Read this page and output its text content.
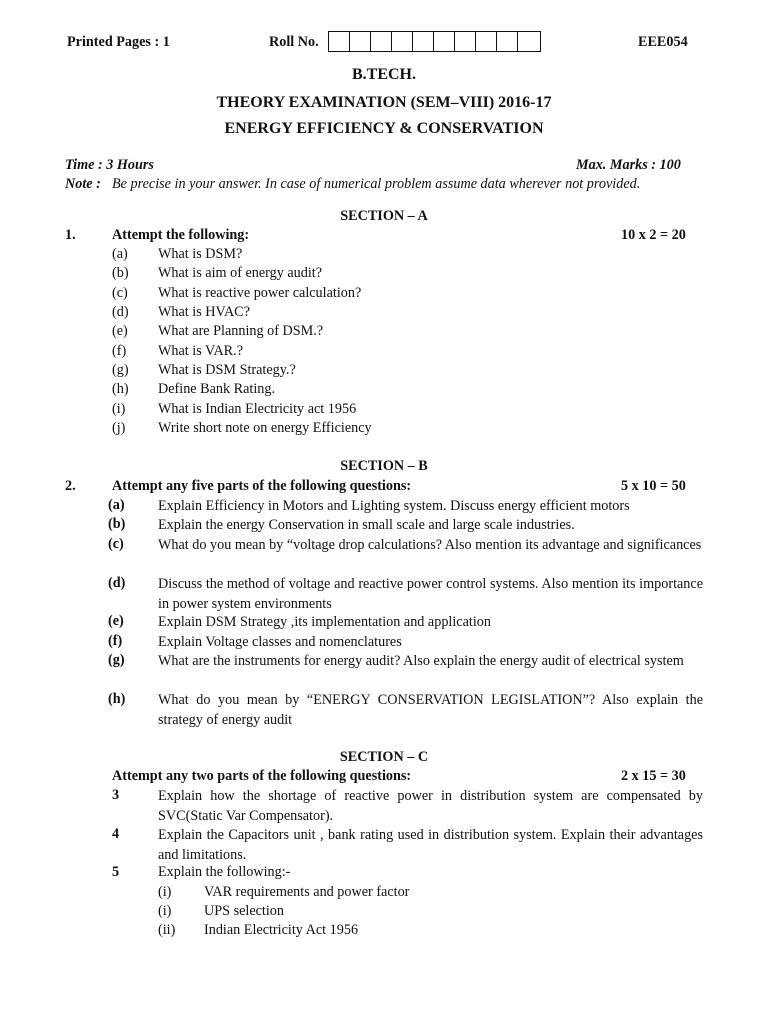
Printed Pages : 1	Roll No.	EEE054
B.TECH.
THEORY EXAMINATION (SEM–VIII) 2016-17
ENERGY EFFICIENCY & CONSERVATION
Time : 3 Hours	Max. Marks : 100
Note : Be precise in your answer. In case of numerical problem assume data wherever not provided.
SECTION – A
1.	Attempt the following:	10 x 2 = 20
(a) What is DSM?
(b) What is aim of energy audit?
(c) What is reactive power calculation?
(d) What is HVAC?
(e) What are Planning of DSM.?
(f) What is VAR.?
(g) What is DSM Strategy.?
(h) Define Bank Rating.
(i) What is Indian Electricity act 1956
(j) Write short note on energy Efficiency
SECTION – B
2.	Attempt any five parts of the following questions:	5 x 10 = 50
(a) Explain Efficiency in Motors and Lighting system. Discuss energy efficient motors
(b) Explain the energy Conservation in small scale and large scale industries.
(c) What do you mean by “voltage drop calculations? Also mention its advantage and significances
(d) Discuss the method of voltage and reactive power control systems. Also mention its importance in power system environments
(e) Explain DSM Strategy ,its implementation and application
(f)	Explain Voltage classes and nomenclatures
(g) What are the instruments for energy audit? Also explain the energy audit of electrical system
(h) What do you mean by “ENERGY CONSERVATION LEGISLATION”? Also explain the strategy of energy audit
SECTION – C
Attempt any two parts of the following questions:	2 x 15 = 30
3	Explain how the shortage of reactive power in distribution system are compensated by SVC(Static Var Compensator).
4	Explain the Capacitors unit , bank rating used in distribution system. Explain their advantages and limitations.
5	Explain the following:-
(i) VAR requirements and power factor
(i) UPS selection
(ii) Indian Electricity Act 1956
